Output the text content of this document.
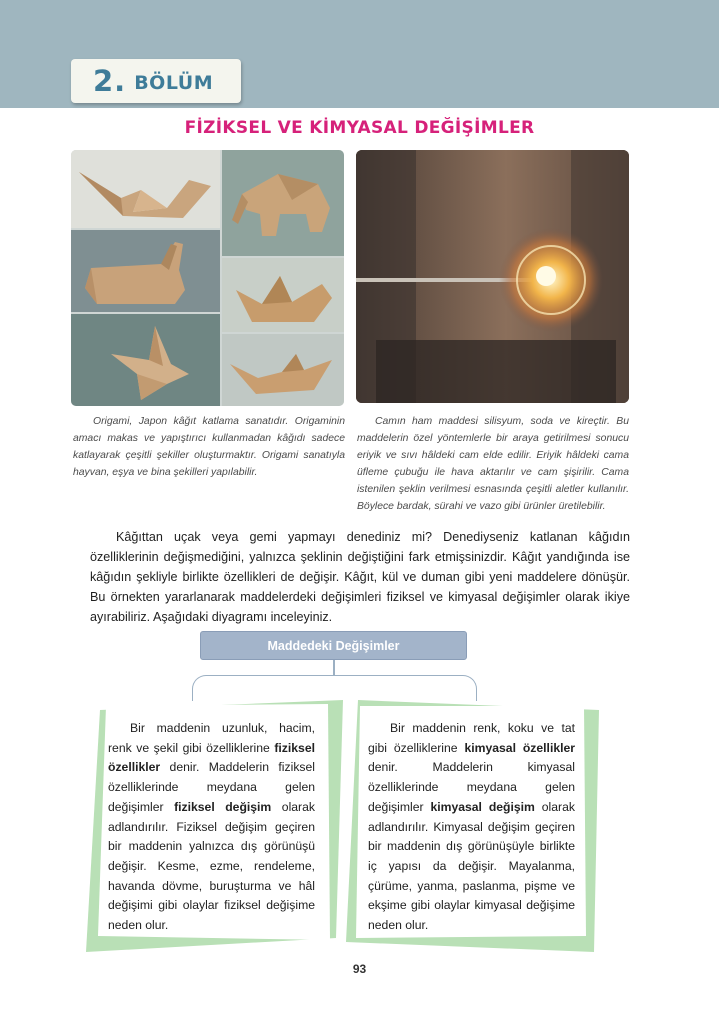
2. BÖLÜM
FİZİKSEL VE KİMYASAL DEĞİŞİMLER
Origami, Japon kâğıt katlama sanatıdır. Origaminin amacı makas ve yapıştırıcı kullanmadan kâğıdı sadece katlayarak çeşitli şekiller oluşturmaktır. Origami sanatıyla hayvan, eşya ve bina şekilleri yapılabilir.
Camın ham maddesi silisyum, soda ve kireçtir. Bu maddelerin özel yöntemlerle bir araya getirilmesi sonucu eriyik ve sıvı hâldeki cam elde edilir. Eriyik hâldeki cama üfleme çubuğu ile hava aktarılır ve cam şişirilir. Cama istenilen şeklin verilmesi esnasında çeşitli aletler kullanılır. Böylece bardak, sürahi ve vazo gibi ürünler üretilebilir.
Kâğıttan uçak veya gemi yapmayı denediniz mi? Denediyseniz katlanan kâğıdın özelliklerinin değişmediğini, yalnızca şeklinin değiştiğini fark etmişsinizdir. Kâğıt yandığında ise kâğıdın şekliyle birlikte özellikleri de değişir. Kâğıt, kül ve duman gibi yeni maddelere dönüşür. Bu örnekten yararlanarak maddelerdeki değişimleri fiziksel ve kimyasal değişimler olarak ikiye ayırabiliriz. Aşağıdaki diyagramı inceleyiniz.
Maddedeki Değişimler
Bir maddenin uzunluk, hacim, renk ve şekil gibi özelliklerine fiziksel özellikler denir. Maddelerin fiziksel özelliklerinde meydana gelen değişimler fiziksel değişim olarak adlandırılır. Fiziksel değişim geçiren bir maddenin yalnızca dış görünüşü değişir. Kesme, ezme, rendeleme, havanda dövme, buruşturma ve hâl değişimi gibi olaylar fiziksel değişime neden olur.
Bir maddenin renk, koku ve tat gibi özelliklerine kimyasal özellikler denir. Maddelerin kimyasal özelliklerinde meydana gelen değişimler kimyasal değişim olarak adlandırılır. Kimyasal değişim geçiren bir maddenin dış görünüşüyle birlikte iç yapısı da değişir. Mayalanma, çürüme, yanma, paslanma, pişme ve ekşime gibi olaylar kimyasal değişime neden olur.
93
